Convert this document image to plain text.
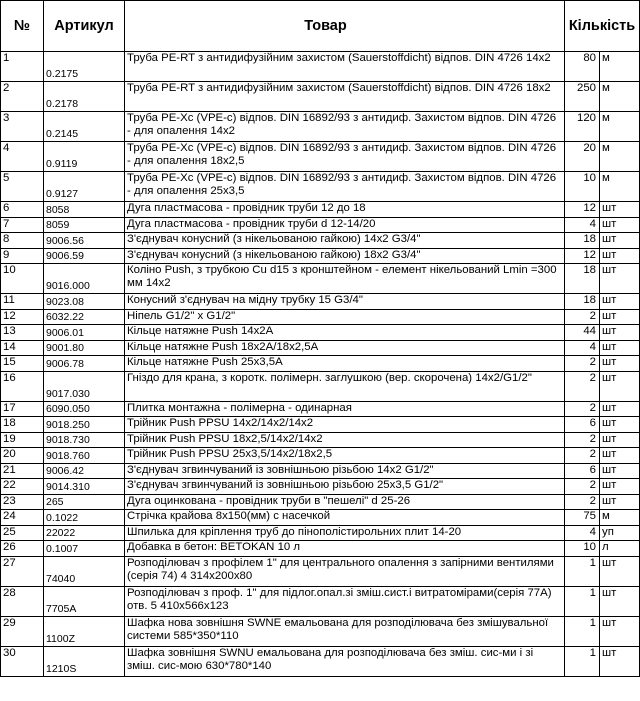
№	Артикул	Товар	Кількість	
1	0.2175	Труба PE-RT з антидифузійним захистом (Sauerstoffdicht) відпов. DIN 4726 14x2	80	м
2	0.2178	Труба PE-RT з антидифузійним захистом (Sauerstoffdicht) відпов. DIN 4726 18x2	250	м
3	0.2145	Труба PE-Xc (VPE-c) відпов. DIN 16892/93 з антидиф. Захистом відпов. DIN 4726 - для опалення 14x2	120	м
4	0.9119	Труба PE-Xc (VPE-c) відпов. DIN 16892/93 з антидиф. Захистом відпов. DIN 4726 - для опалення 18x2,5	20	м
5	0.9127	Труба PE-Xc (VPE-c) відпов. DIN 16892/93 з антидиф. Захистом відпов. DIN 4726 - для опалення 25x3,5	10	м
6	8058	Дуга пластмасова - провідник труби 12 до 18	12	шт
7	8059	Дуга пластмасова - провідник труби d 12-14/20	4	шт
8	9006.56	З'єднувач конусний (з нікельованою гайкою) 14x2 G3/4"	18	шт
9	9006.59	З'єднувач конусний (з нікельованою гайкою) 18x2 G3/4"	12	шт
10	9016.000	Коліно Push, з трубкою Cu d15 з кронштейном - елемент нікельований Lmin =300 мм 14x2	18	шт
11	9023.08	Конусний з'єднувач на мідну трубку 15 G3/4"	18	шт
12	6032.22	Ніпель G1/2" x G1/2"	2	шт
13	9006.01	Кільце натяжне Push 14x2A	44	шт
14	9001.80	Кільце натяжне Push 18x2A/18x2,5A	4	шт
15	9006.78	Кільце натяжне Push 25x3,5A	2	шт
16	9017.030	Гніздо для крана, з коротк. полімерн. заглушкою (вер. скорочена) 14x2/G1/2"	2	шт
17	6090.050	Плитка монтажна - полімерна - одинарная	2	шт
18	9018.250	Трійник Push PPSU 14x2/14x2/14x2	6	шт
19	9018.730	Трійник Push PPSU 18x2,5/14x2/14x2	2	шт
20	9018.760	Трійник Push PPSU 25x3,5/14x2/18x2,5	2	шт
21	9006.42	З'єднувач згвинчуваний із зовнішньою різьбою 14x2 G1/2"	6	шт
22	9014.310	З'єднувач згвинчуваний із зовнішньою різьбою 25x3,5 G1/2"	2	шт
23	265	Дуга оцинкована - провідник труби в "пешелі" d 25-26	2	шт
24	0.1022	Стрічка крайова 8x150(мм) с насечкой	75	м
25	22022	Шпилька для кріплення труб до пінополістирольних плит 14-20	4	уп
26	0.1007	Добавка в бетон: BETOKAN 10 л	10	л
27	74040	Розподілювач з профілем 1" для центрального опалення з запірними вентилями (серія 74) 4 314x200x80	1	шт
28	7705A	Розподілювач з проф. 1" для підлог.опал.зі зміш.сист.і витратомірами(серія 77А) отв. 5 410x566x123	1	шт
29	1100Z	Шафка нова зовнішня SWNE емальована для розподілювача без змішувальної системи 585*350*110	1	шт
30	1210S	Шафка зовнішня SWNU емальована для розподілювача без зміш. сис-ми і зі зміш. сис-мою 630*780*140	1	шт
